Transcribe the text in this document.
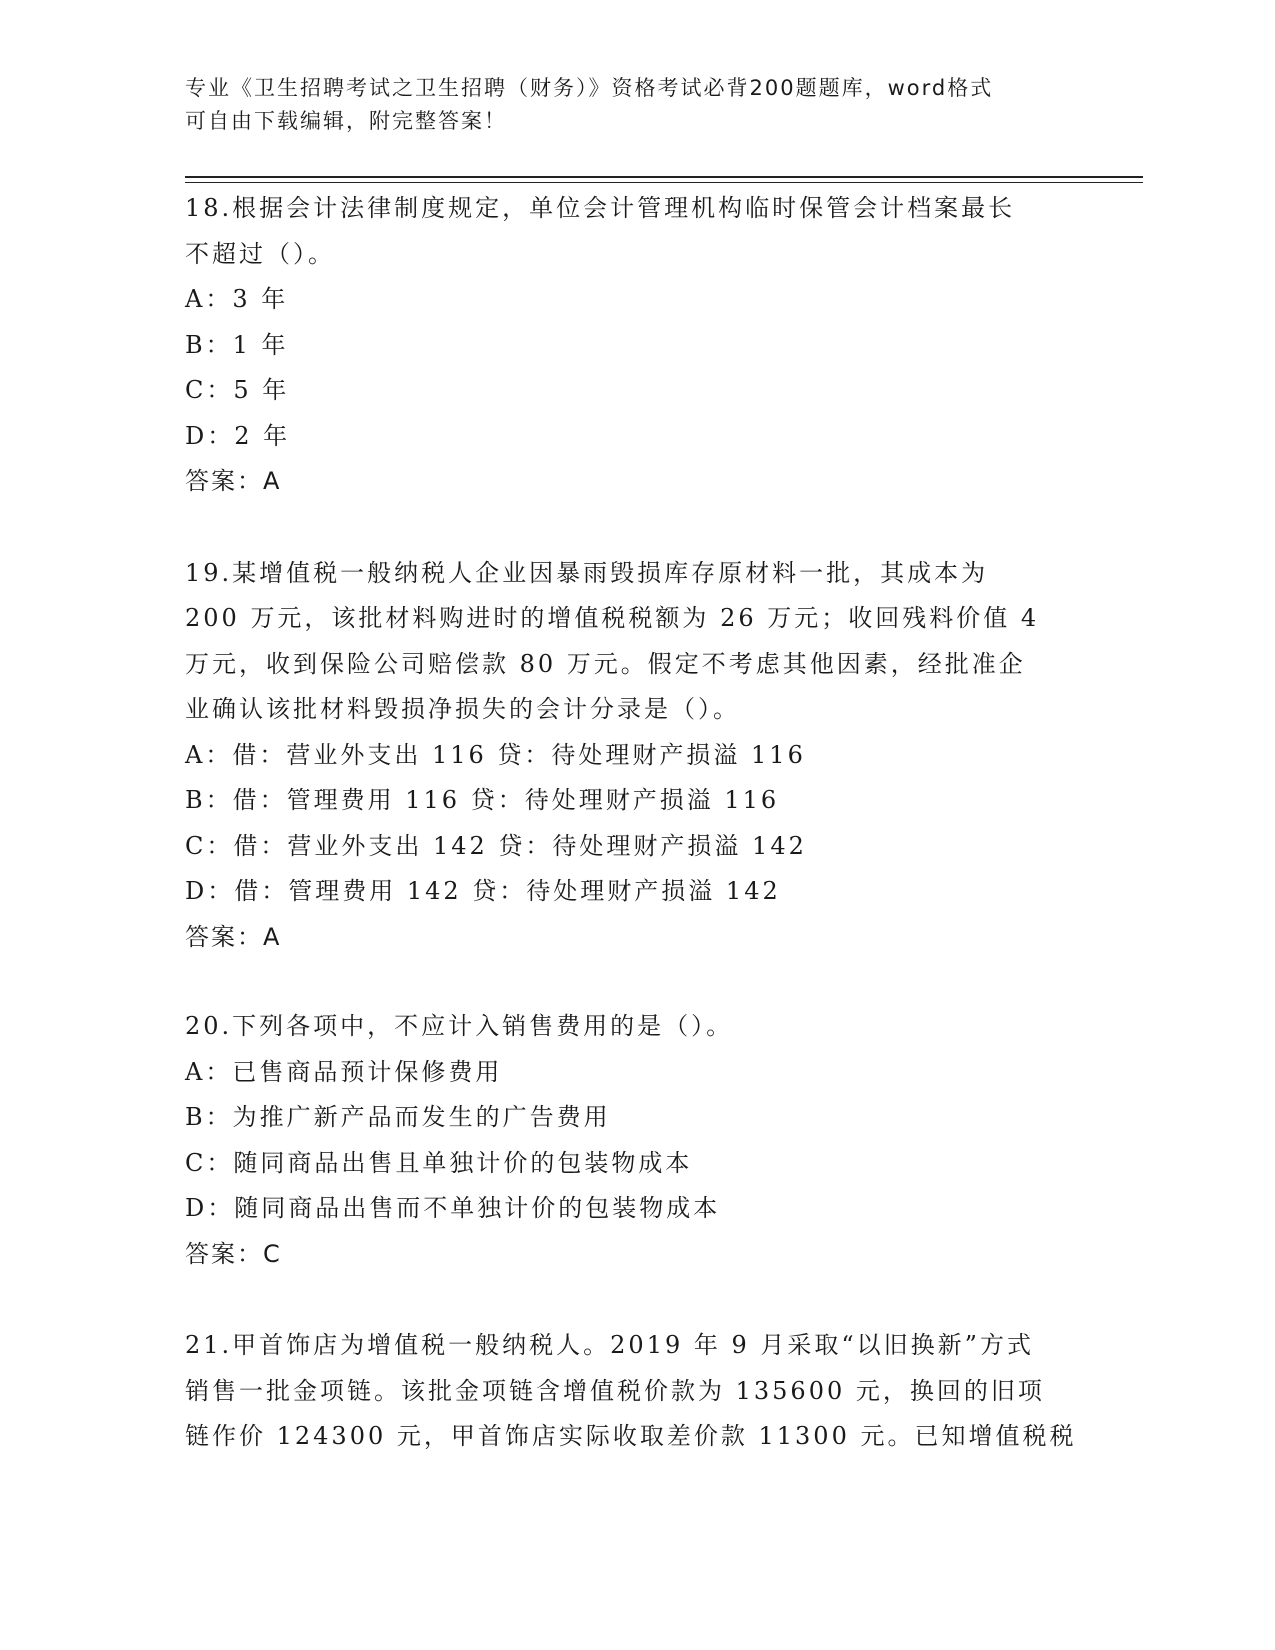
专业《卫生招聘考试之卫生招聘（财务）》资格考试必背200题题库，word格式
可自由下载编辑，附完整答案！
18.根据会计法律制度规定，单位会计管理机构临时保管会计档案最长
不超过（）。
A：3 年
B：1 年
C：5 年
D：2 年
答案：A
19.某增值税一般纳税人企业因暴雨毁损库存原材料一批，其成本为
200 万元，该批材料购进时的增值税税额为 26 万元；收回残料价值 4
万元，收到保险公司赔偿款 80 万元。假定不考虑其他因素，经批准企
业确认该批材料毁损净损失的会计分录是（）。
A：借：营业外支出 116 贷：待处理财产损溢 116
B：借：管理费用 116 贷：待处理财产损溢 116
C：借：营业外支出 142 贷：待处理财产损溢 142
D：借：管理费用 142 贷：待处理财产损溢 142
答案：A
20.下列各项中，不应计入销售费用的是（）。
A：已售商品预计保修费用
B：为推广新产品而发生的广告费用
C：随同商品出售且单独计价的包装物成本
D：随同商品出售而不单独计价的包装物成本
答案：C
21.甲首饰店为增值税一般纳税人。2019 年 9 月采取“以旧换新”方式
销售一批金项链。该批金项链含增值税价款为 135600 元，换回的旧项
链作价 124300 元，甲首饰店实际收取差价款 11300 元。已知增值税税
